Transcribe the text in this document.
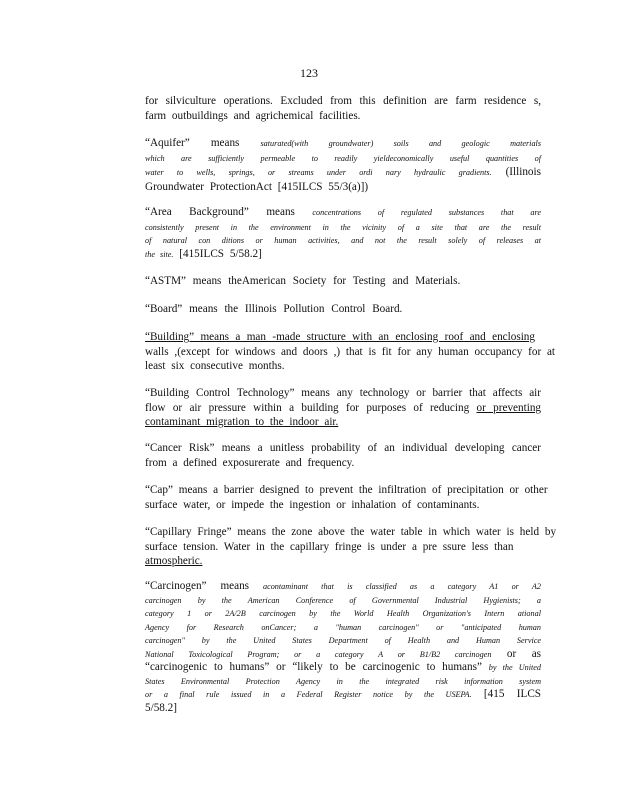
123
for silviculture operations. Excluded from this definition are farm residence s,
farm outbuildings and agrichemical facilities.
“Aquifer” means	saturated(with groundwater) soils and geologic materials
which are sufficiently permeable to readily yieldeconomically useful quantities of
water to wells, springs, or streams under ordi nary hydraulic gradients. (Illinois
Groundwater ProtectionAct [415ILCS 55/3(a)])
“Area Background” means concentrations of regulated substances that are
consistently present in the environment in the vicinity of a site that are the result
of natural con ditions or human activities, and not the result solely of releases at
the site. [415ILCS 5/58.2]
“ASTM” means theAmerican Society for Testing and Materials.
“Board” means the Illinois Pollution Control Board.
“Building” means a man -made structure with an enclosing roof and enclosing
walls ,(except for windows and doors ,) that is fit for any human occupancy for at
least six consecutive months.
“Building Control Technology” means any technology or barrier that affects air
flow or air pressure within a building for purposes of reducing or preventing
contaminant migration to the indoor air.
“Cancer Risk” means a unitless probability of an individual developing cancer
from a defined exposurerate and frequency.
“Cap” means a barrier designed to prevent the infiltration of precipitation or other
surface water, or impede the ingestion or inhalation of contaminants.
“Capillary Fringe” means the zone above the water table in which water is held by
surface tension. Water in the capillary fringe is under a pre ssure less than
atmospheric.
“Carcinogen” means acontaminant that is classified as a category A1 or A2
carcinogen by the American Conference of Governmental Industrial Hygienists; a
category 1 or 2A/2B carcinogen by the World Health Organization's Intern ational
Agency for Research onCancer; a "human carcinogen" or "anticipated human
carcinogen" by the United States Department of Health and Human Service
National Toxicological Program; or a category A or B1/B2 carcinogen or as
“carcinogenic to humans” or “likely to be carcinogenic to humans” by the United
States Environmental Protection Agency in the integrated risk information system
or a final rule issued in a Federal Register notice by the USEPA. [415 ILCS
5/58.2]
